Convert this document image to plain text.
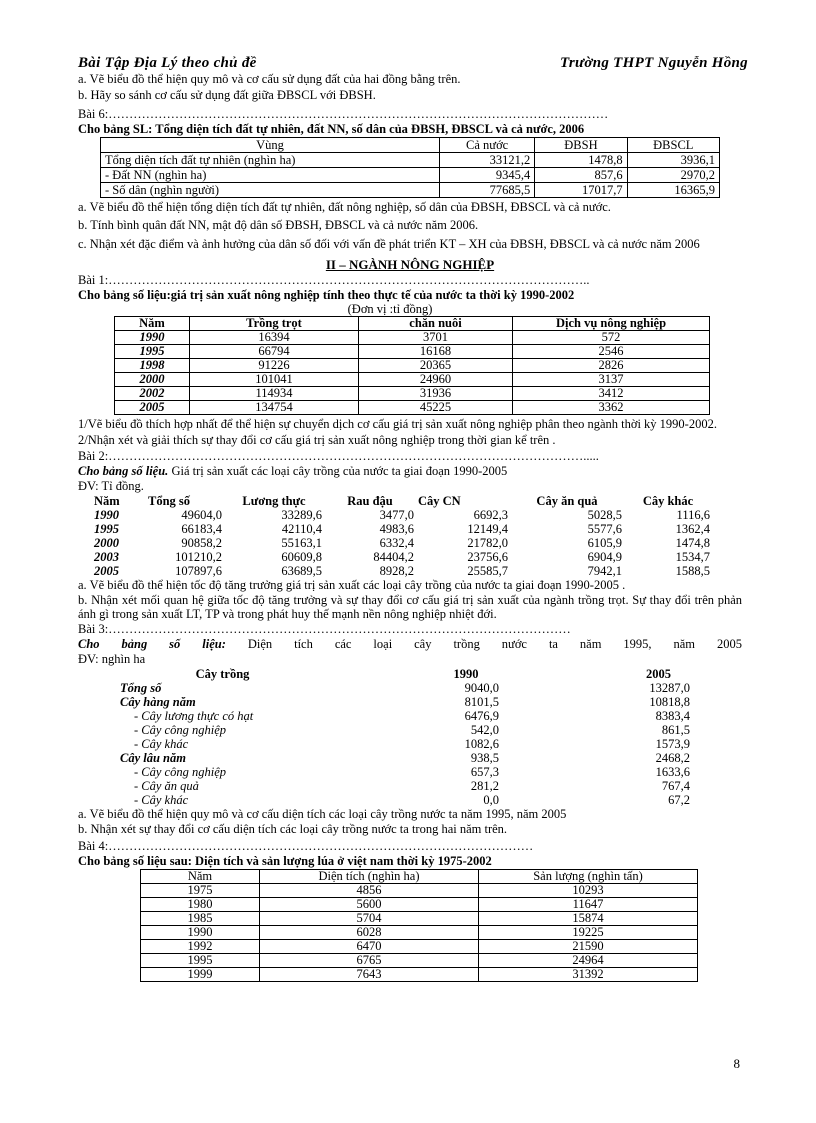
Bài Tập Địa Lý theo chủ đề	Trường THPT Nguyễn Hồng

a. Vẽ biểu đồ thể hiện quy mô và cơ cấu sử dụng đất của hai đồng bằng trên.

b. Hãy so sánh cơ cấu sử dụng đất giữa ĐBSCL với ĐBSH.

Bài 6:…………………………………………………………………………………………………………

Cho bảng SL: Tổng diện tích đất tự nhiên, đất NN, số dân của ĐBSH, ĐBSCL và cả nước, 2006

Vùng	Cả nước	ĐBSH	ĐBSCL
Tổng diện tích đất tự nhiên (nghìn ha)	33121,2	1478,8	3936,1
- Đất NN (nghìn ha)	9345,4	857,6	2970,2
- Số dân (nghìn người)	77685,5	17017,7	16365,9

a. Vẽ biểu đồ thể hiện tổng diện tích đất tự nhiên, đất nông nghiệp, số dân của ĐBSH, ĐBSCL và cả nước.

b. Tính bình quân đất NN, mật độ dân số ĐBSH, ĐBSCL và cả nước năm 2006.

c. Nhận xét đặc điểm và ảnh hưởng của dân số đối với vấn đề phát triển KT – XH của ĐBSH, ĐBSCL và cả nước năm 2006

II – NGÀNH NÔNG NGHIỆP

Bài 1:……………………………………………………………………………………………………..

Cho bảng số liệu:giá trị sản xuất nông nghiệp tính theo thực tế của nước ta thời kỳ 1990-2002

(Đơn vị :tỉ đồng)

Năm	Trồng trọt	chăn nuôi	Dịch vụ nông nghiệp
1990	16394	3701	572
1995	66794	16168	2546
1998	91226	20365	2826
2000	101041	24960	3137
2002	114934	31936	3412
2005	134754	45225	3362

1/Vẽ biểu đồ thích hợp nhất để thể hiện sự chuyển dịch cơ cấu giá trị sản xuất nông nghiệp phân theo ngành thời kỳ 1990-2002.

2/Nhận xét và giải thích sự thay đổi cơ cấu giá trị sản xuất nông nghiệp trong thời gian kể trên .

Bài 2:…………………………………………………………………………………………………….....

Cho bảng số liệu. Giá trị sản xuất các loại cây trồng của nước ta giai đoạn 1990-2005

ĐV: Tỉ đồng.

Năm	Tổng số	Lương thực	Rau đậu	Cây CN	Cây ăn quả	Cây khác
1990	49604,0	33289,6	3477,0	6692,3	5028,5	1116,6
1995	66183,4	42110,4	4983,6	12149,4	5577,6	1362,4
2000	90858,2	55163,1	6332,4	21782,0	6105,9	1474,8
2003	101210,2	60609,8	84404,2	23756,6	6904,9	1534,7
2005	107897,6	63689,5	8928,2	25585,7	7942,1	1588,5

a. Vẽ biểu đồ thể hiện tốc độ tăng trưởng giá trị sản xuất các loại cây trồng của nước ta giai đoạn 1990-2005 .

b. Nhận xét mối quan hệ giữa tốc độ tăng trưởng và sự thay đổi cơ cấu giá trị sản xuất của ngành trồng trọt. Sự thay đổi trên phản ánh gì trong sản xuất LT, TP và trong phát huy thế mạnh nền nông nghiệp nhiệt đới.

Bài 3:…………………………………………………………………………………………………

Cho bảng số liệu: Diện tích các loại cây trồng nước ta năm 1995, năm 2005

ĐV: nghìn ha

Cây trồng		1990		2005
Tổng số		9040,0		13287,0
Cây hàng năm		8101,5		10818,8
- Cây lương thực có hạt		6476,9		8383,4
- Cây công nghiệp		542,0		861,5
- Cây khác		1082,6		1573,9
Cây lâu năm		938,5		2468,2
- Cây công nghiệp		657,3		1633,6
- Cây ăn quả		281,2		767,4
- Cây khác		0,0		67,2

a. Vẽ biểu đồ thể hiện quy mô và cơ cấu diện tích các loại cây trồng nước ta năm 1995, năm 2005

b. Nhận xét sự thay đổi cơ cấu diện tích các loại cây trồng nước ta trong hai năm trên.

Bài 4:…………………………………………………………………………………………

Cho bảng số liệu sau: Diện tích và sản lượng lúa ở việt nam thời kỳ 1975-2002

Năm	Diện tích (nghìn ha)	Sản lượng (nghìn tấn)
1975	4856	10293
1980	5600	11647
1985	5704	15874
1990	6028	19225
1992	6470	21590
1995	6765	24964
1999	7643	31392
8
